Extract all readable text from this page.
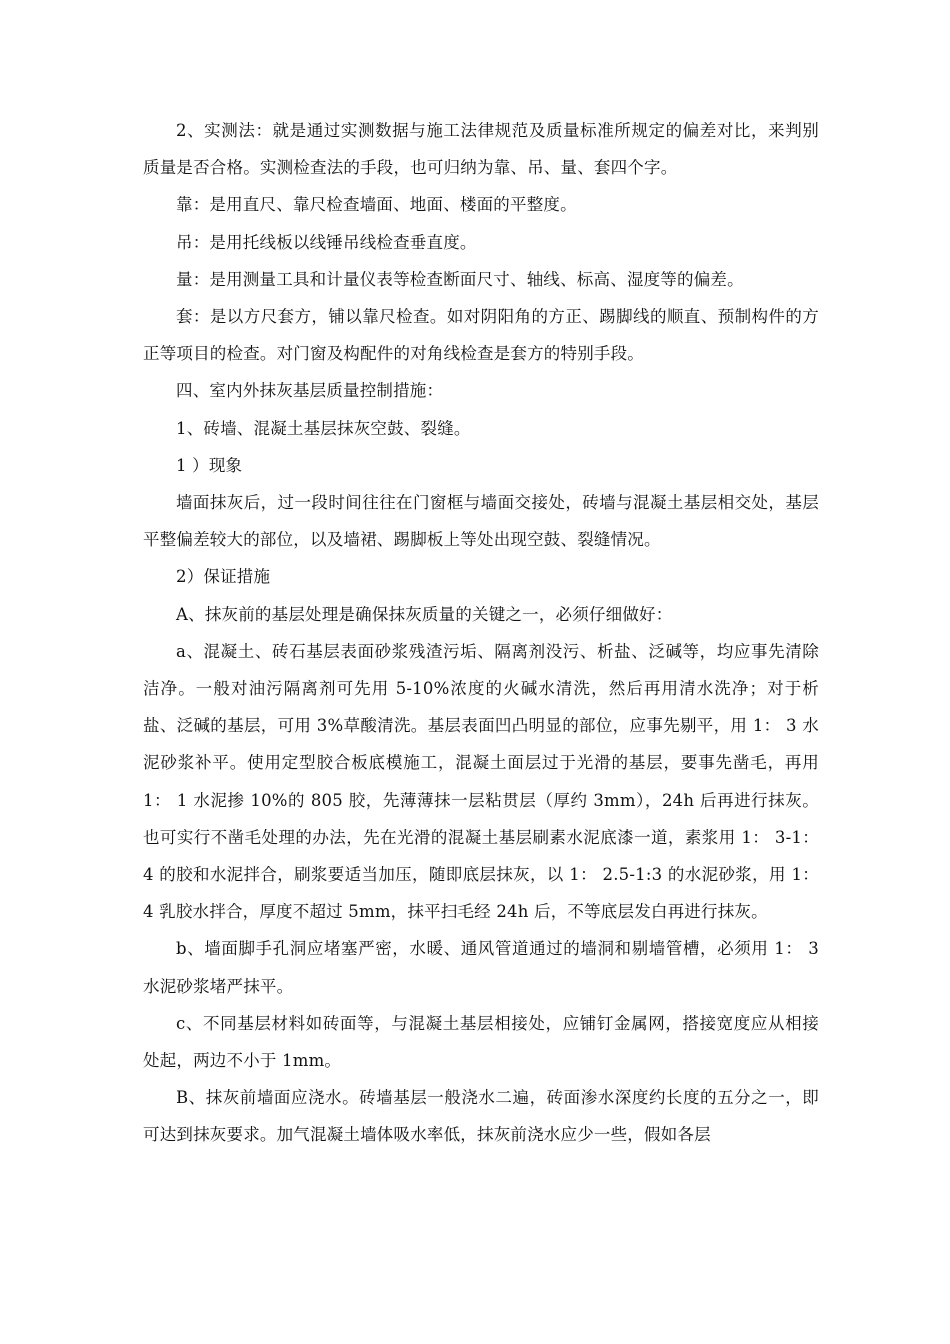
2、实测法：就是通过实测数据与施工法律规范及质量标准所规定的偏差对比，来判别质量是否合格。实测检查法的手段，也可归纳为靠、吊、量、套四个字。

靠：是用直尺、靠尺检查墙面、地面、楼面的平整度。

吊：是用托线板以线锤吊线检查垂直度。

量：是用测量工具和计量仪表等检查断面尺寸、轴线、标高、湿度等的偏差。

套：是以方尺套方，铺以靠尺检查。如对阴阳角的方正、踢脚线的顺直、预制构件的方正等项目的检查。对门窗及构配件的对角线检查是套方的特别手段。

四、室内外抹灰基层质量控制措施：

1、砖墙、混凝土基层抹灰空鼓、裂缝。

1 ）现象

墙面抹灰后，过一段时间往往在门窗框与墙面交接处，砖墙与混凝土基层相交处，基层平整偏差较大的部位，以及墙裙、踢脚板上等处出现空鼓、裂缝情况。

2）保证措施

A、抹灰前的基层处理是确保抹灰质量的关键之一，必须仔细做好：

a、混凝土、砖石基层表面砂浆残渣污垢、隔离剂没污、析盐、泛碱等，均应事先清除洁净。一般对油污隔离剂可先用 5-10%浓度的火碱水清洗，然后再用清水洗净；对于析盐、泛碱的基层，可用 3%草酸清洗。基层表面凹凸明显的部位，应事先剔平，用 1： 3 水泥砂浆补平。使用定型胶合板底模施工，混凝土面层过于光滑的基层，要事先凿毛，再用 1： 1 水泥掺 10%的 805 胶，先薄薄抹一层粘贯层（厚约 3mm），24h 后再进行抹灰。也可实行不凿毛处理的办法，先在光滑的混凝土基层刷素水泥底漆一道，素浆用 1： 3-1： 4 的胶和水泥拌合，刷浆要适当加压，随即底层抹灰，以 1： 2.5-1:3 的水泥砂浆，用 1： 4 乳胶水拌合，厚度不超过 5mm，抹平扫毛经 24h 后，不等底层发白再进行抹灰。

b、墙面脚手孔洞应堵塞严密，水暖、通风管道通过的墙洞和剔墙管槽，必须用 1： 3 水泥砂浆堵严抹平。

c、不同基层材料如砖面等，与混凝土基层相接处，应铺钉金属网，搭接宽度应从相接处起，两边不小于 1mm。

B、抹灰前墙面应浇水。砖墙基层一般浇水二遍，砖面渗水深度约长度的五分之一，即可达到抹灰要求。加气混凝土墙体吸水率低，抹灰前浇水应少一些，假如各层
